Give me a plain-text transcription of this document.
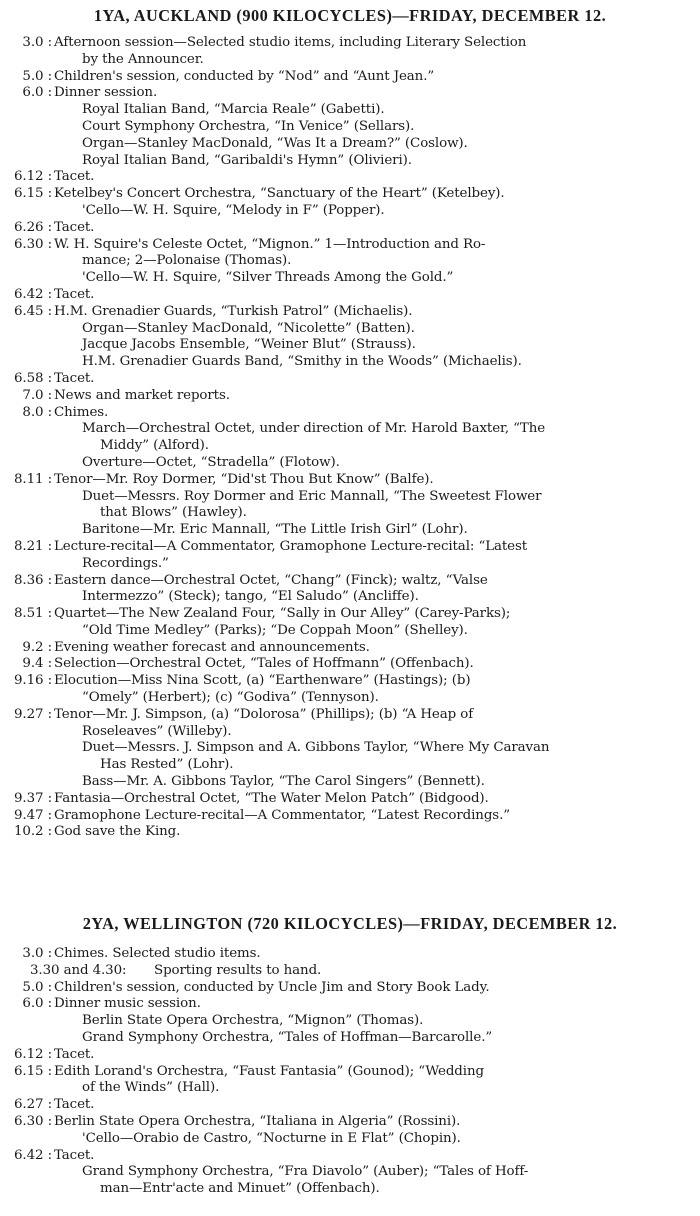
1YA, AUCKLAND (900 KILOCYCLES)—FRIDAY, DECEMBER 12.
3.0 : Afternoon session—Selected studio items, including Literary Selection
by the Announcer.
5.0 : Children's session, conducted by “Nod” and “Aunt Jean.”
6.0 : Dinner session.
Royal Italian Band, “Marcia Reale” (Gabetti).
Court Symphony Orchestra, “In Venice” (Sellars).
Organ—Stanley MacDonald, “Was It a Dream?” (Coslow).
Royal Italian Band, “Garibaldi's Hymn” (Olivieri).
6.12 : Tacet.
6.15 : Ketelbey's Concert Orchestra, “Sanctuary of the Heart” (Ketelbey).
'Cello—W. H. Squire, “Melody in F” (Popper).
6.26 : Tacet.
6.30 : W. H. Squire's Celeste Octet, “Mignon.” 1—Introduction and Ro-
mance; 2—Polonaise (Thomas).
'Cello—W. H. Squire, “Silver Threads Among the Gold.”
6.42 : Tacet.
6.45 : H.M. Grenadier Guards, “Turkish Patrol” (Michaelis).
Organ—Stanley MacDonald, “Nicolette” (Batten).
Jacque Jacobs Ensemble, “Weiner Blut” (Strauss).
H.M. Grenadier Guards Band, “Smithy in the Woods” (Michaelis).
6.58 : Tacet.
7.0 : News and market reports.
8.0 : Chimes.
March—Orchestral Octet, under direction of Mr. Harold Baxter, “The
Middy” (Alford).
Overture—Octet, “Stradella” (Flotow).
8.11 : Tenor—Mr. Roy Dormer, “Did'st Thou But Know” (Balfe).
Duet—Messrs. Roy Dormer and Eric Mannall, “The Sweetest Flower
that Blows” (Hawley).
Baritone—Mr. Eric Mannall, “The Little Irish Girl” (Lohr).
8.21 : Lecture-recital—A Commentator, Gramophone Lecture-recital: “Latest
Recordings.”
8.36 : Eastern dance—Orchestral Octet, “Chang” (Finck); waltz, “Valse
Intermezzo” (Steck); tango, “El Saludo” (Ancliffe).
8.51 : Quartet—The New Zealand Four, “Sally in Our Alley” (Carey-Parks);
“Old Time Medley” (Parks); “De Coppah Moon” (Shelley).
9.2 : Evening weather forecast and announcements.
9.4 : Selection—Orchestral Octet, “Tales of Hoffmann” (Offenbach).
9.16 : Elocution—Miss Nina Scott, (a) “Earthenware” (Hastings); (b)
“Omely” (Herbert); (c) “Godiva” (Tennyson).
9.27 : Tenor—Mr. J. Simpson, (a) “Dolorosa” (Phillips); (b) “A Heap of
Roseleaves” (Willeby).
Duet—Messrs. J. Simpson and A. Gibbons Taylor, “Where My Caravan
Has Rested” (Lohr).
Bass—Mr. A. Gibbons Taylor, “The Carol Singers” (Bennett).
9.37 : Fantasia—Orchestral Octet, “The Water Melon Patch” (Bidgood).
9.47 : Gramophone Lecture-recital—A Commentator, “Latest Recordings.”
10.2 : God save the King.
2YA, WELLINGTON (720 KILOCYCLES)—FRIDAY, DECEMBER 12.
3.0 : Chimes. Selected studio items.
3.30 and 4.30 :	Sporting results to hand.
5.0 : Children's session, conducted by Uncle Jim and Story Book Lady.
6.0 : Dinner music session.
Berlin State Opera Orchestra, “Mignon” (Thomas).
Grand Symphony Orchestra, “Tales of Hoffman—Barcarolle.”
6.12 : Tacet.
6.15 : Edith Lorand's Orchestra, “Faust Fantasia” (Gounod); “Wedding
of the Winds” (Hall).
6.27 : Tacet.
6.30 : Berlin State Opera Orchestra, “Italiana in Algeria” (Rossini).
'Cello—Orabio de Castro, “Nocturne in E Flat” (Chopin).
6.42 : Tacet.
Grand Symphony Orchestra, “Fra Diavolo” (Auber); “Tales of Hoff-
man—Entr'acte and Minuet” (Offenbach).
